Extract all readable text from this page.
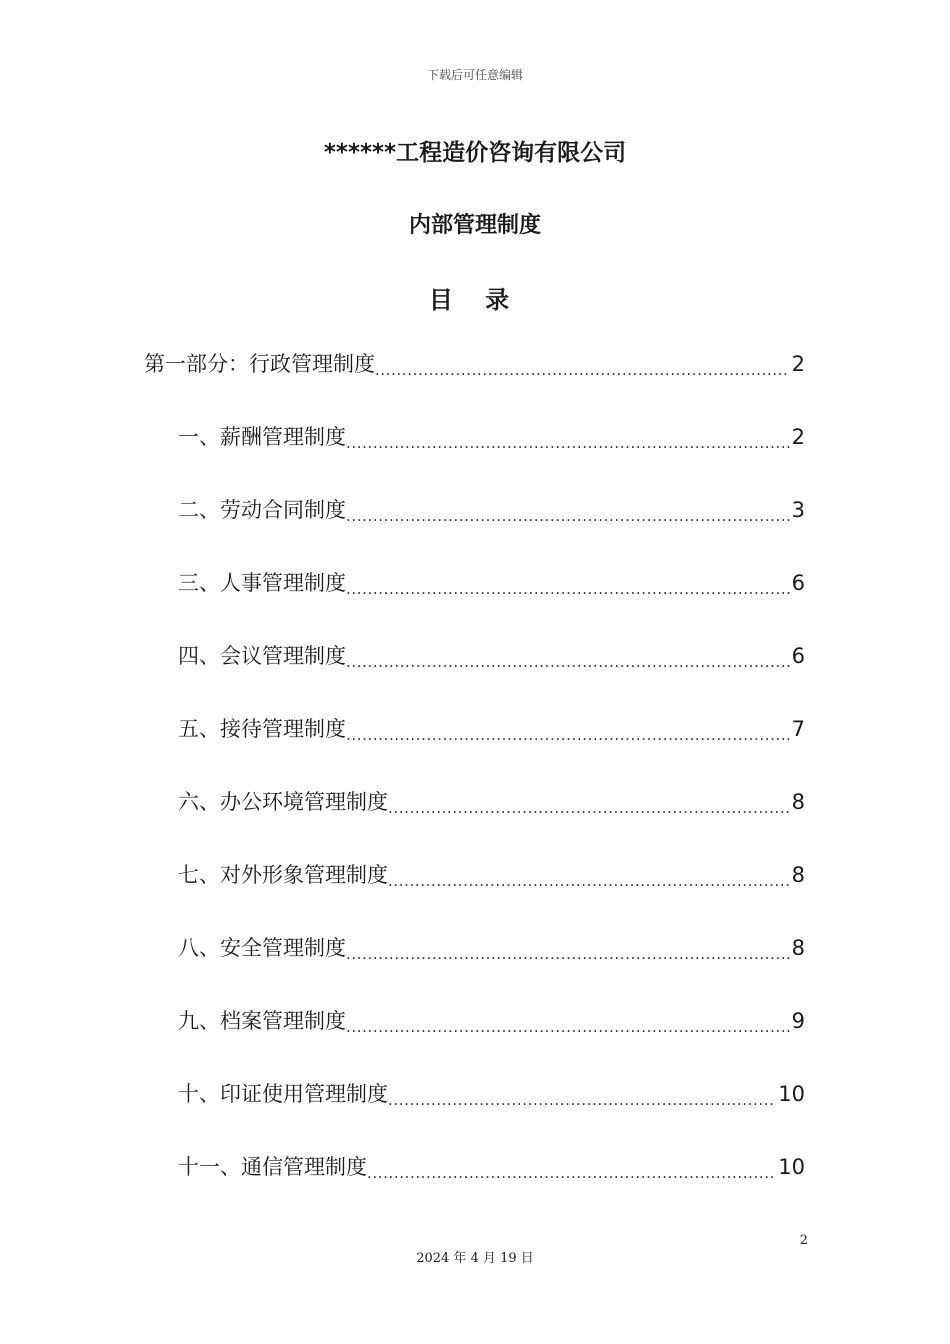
下载后可任意编辑
******工程造价咨询有限公司
内部管理制度
目 录
第一部分：行政管理制度 .....	2
一、薪酬管理制度 .....	2
二、劳动合同制度 .....	3
三、人事管理制度 .....	6
四、会议管理制度 .....	6
五、接待管理制度 .....	7
六、办公环境管理制度 .....	8
七、对外形象管理制度 .....	8
八、安全管理制度 .....	8
九、档案管理制度 .....	9
十、印证使用管理制度 .....	10
十一、通信管理制度 .....	10
2
2024 年 4 月 19 日
